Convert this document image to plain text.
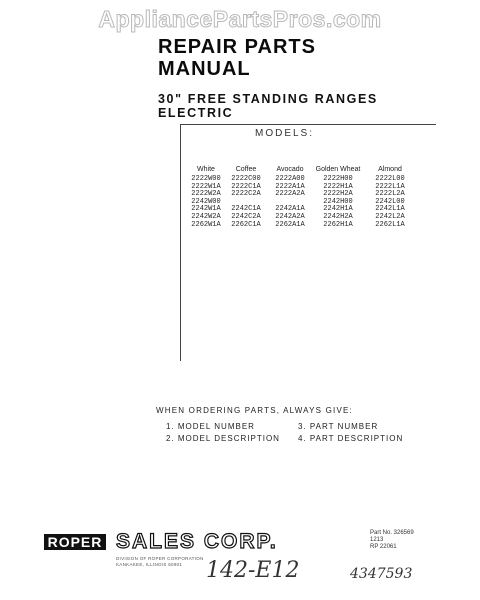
AppliancePartsPros.com
REPAIR PARTS
MANUAL
30" FREE STANDING RANGES
ELECTRIC
MODELS:
White
2222W00
2222W1A
2222W2A
2242W00
2242W1A
2242W2A
2262W1A
Coffee
2222C00
2222C1A
2222C2A
2242C1A
2242C2A
2262C1A
Avocado
2222A00
2222A1A
2222A2A
2242A1A
2242A2A
2262A1A
Golden Wheat
2222H00
2222H1A
2222H2A
2242H00
2242H1A
2242H2A
2262H1A
Almond
2222L00
2222L1A
2222L2A
2242L00
2242L1A
2242L2A
2262L1A
WHEN ORDERING PARTS, ALWAYS GIVE:
1. MODEL NUMBER
2. MODEL DESCRIPTION
3. PART NUMBER
4. PART DESCRIPTION
ROPER SALES CORP.
DIVISION OF ROPER CORPORATION
KANKAKEE, ILLINOIS 60901
Part No. 326569
1213
RP 22061
142-E12	4347593
